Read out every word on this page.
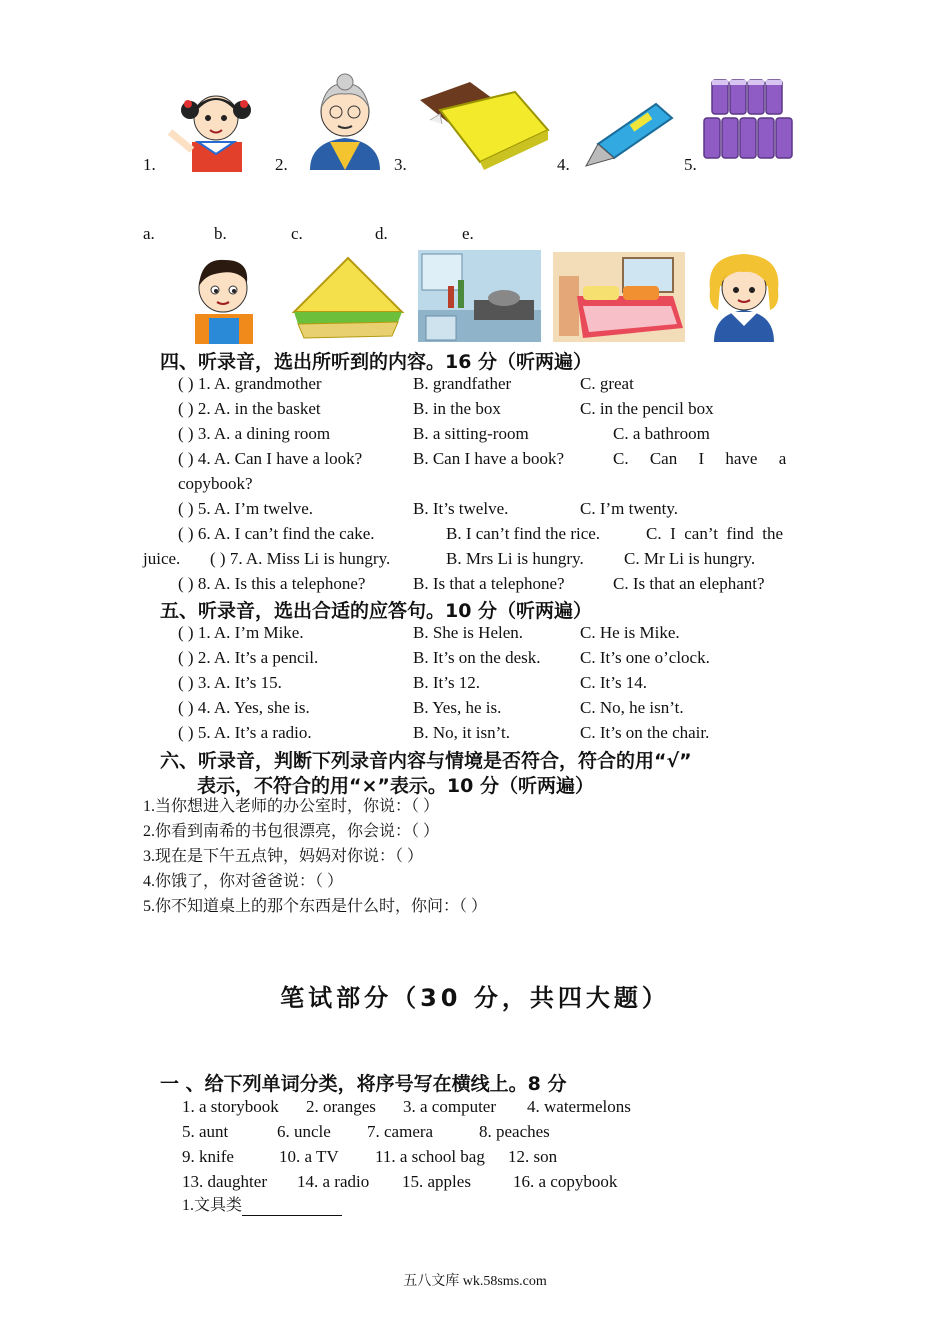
1.	2.	3.	4.	5.
a.	b.	c.	d.	e.
四、听录音，选出所听到的内容。16 分（听两遍）
( ) 1. A. grandmother	B. grandfather	C. great
( ) 2. A. in the basket	B. in the box	C. in the pencil box
( ) 3. A. a dining room	B. a sitting-room	C. a bathroom
( ) 4. A. Can I have a look?	B. Can I have a book?	C.     Can     I     have     a
copybook?
( ) 5. A. I’m twelve.	B. It’s twelve.	C. I’m twenty.
( ) 6. A. I can’t find the cake.	B. I can’t find the rice.	C.  I  can’t  find  the
juice. ( ) 7. A. Miss Li is hungry.	B. Mrs Li is hungry. C. Mr Li is hungry.
( ) 8. A. Is this a telephone?	B. Is that a telephone?	C. Is that an elephant?
五、听录音，选出合适的应答句。10 分（听两遍）
( ) 1. A. I’m Mike.	B. She is Helen.	C. He is Mike.
( ) 2. A. It’s a pencil.	B. It’s on the desk. C. It’s one o’clock.
( ) 3. A. It’s 15.	B. It’s 12.	C. It’s 14.
( ) 4. A. Yes, she is.	B. Yes, he is.	C. No, he isn’t.
( ) 5. A. It’s a radio.	B. No, it isn’t.	C. It’s on the chair.
六、听录音，判断下列录音内容与情境是否符合，符合的用“√”
表示，不符合的用“×”表示。10 分（听两遍）
1.当你想进入老师的办公室时，你说：（ ）
2.你看到南希的书包很漂亮，你会说：（ ）
3.现在是下午五点钟，妈妈对你说：（ ）
4.你饿了，你对爸爸说：（ ）
5.你不知道桌上的那个东西是什么时，你问：（ ）
笔试部分（30 分，共四大题）
一 、给下列单词分类，将序号写在横线上。8 分
1. a storybook 2. oranges 3. a computer 4. watermelons
5. aunt	6. uncle 7. camera	8. peaches
9. knife	10. a TV 11. a school bag 12. son
13. daughter 14. a radio 15. apples 16. a copybook
1.文具类
五八文库 wk.58sms.com
